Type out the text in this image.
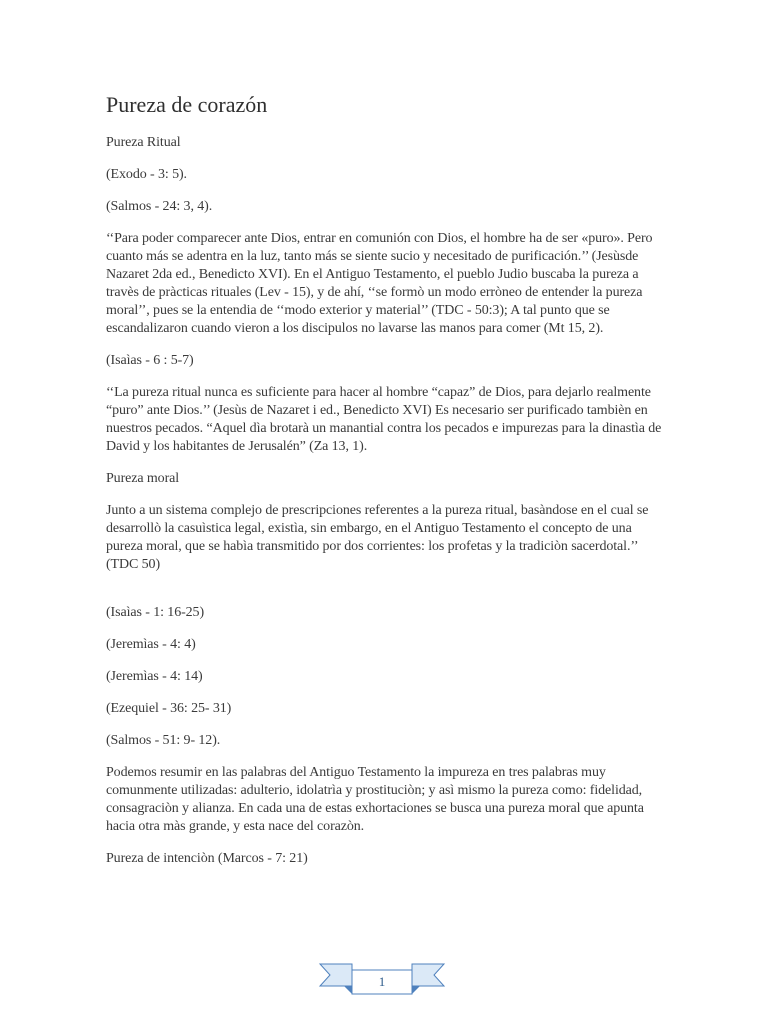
Pureza de corazón

Pureza Ritual

(Exodo - 3: 5).

(Salmos - 24: 3, 4).

‘‘Para poder comparecer ante Dios, entrar en comunión con Dios, el hombre ha de ser «puro». Pero cuanto más se adentra en la luz, tanto más se siente sucio y necesitado de purificación.’’ (Jesùsde Nazaret 2da ed., Benedicto XVI). En el Antiguo Testamento, el pueblo Judio buscaba la pureza a travès de pràcticas rituales (Lev - 15), y de ahí, ‘‘se formò un modo erròneo de entender la pureza moral’’, pues se la entendia de ‘‘modo exterior y material’’ (TDC - 50:3); A tal punto que se escandalizaron cuando vieron a los discipulos no lavarse las manos para comer (Mt 15, 2).

(Isaìas - 6 : 5-7)

‘‘La pureza ritual nunca es suficiente para hacer al hombre “capaz” de Dios, para dejarlo realmente “puro” ante Dios.’’ (Jesùs de Nazaret i ed., Benedicto XVI) Es necesario ser purificado tambièn en nuestros pecados. “Aquel dìa brotarà un manantial contra los pecados e impurezas para la dinastìa de David y los habitantes de Jerusalén” (Za 13, 1).

Pureza moral

Junto a un sistema complejo de prescripciones referentes a la pureza ritual, basàndose en el cual se desarrollò la casuìstica legal, existìa, sin embargo, en el Antiguo Testamento el concepto de una pureza moral, que se habìa transmitido por dos corrientes: los profetas y la tradiciòn sacerdotal.’’ (TDC 50)

(Isaìas - 1: 16-25)

(Jeremìas - 4: 4)

(Jeremìas - 4: 14)

(Ezequiel - 36: 25- 31)

(Salmos - 51: 9- 12).

Podemos resumir en las palabras del Antiguo Testamento la impureza en tres palabras muy comunmente utilizadas: adulterio, idolatrìa y prostituciòn; y asì mismo la pureza como: fidelidad, consagraciòn y alianza. En cada una de estas exhortaciones se busca una pureza moral que apunta hacia otra màs grande, y esta nace del corazòn.

Pureza de intenciòn (Marcos - 7: 21)

1
